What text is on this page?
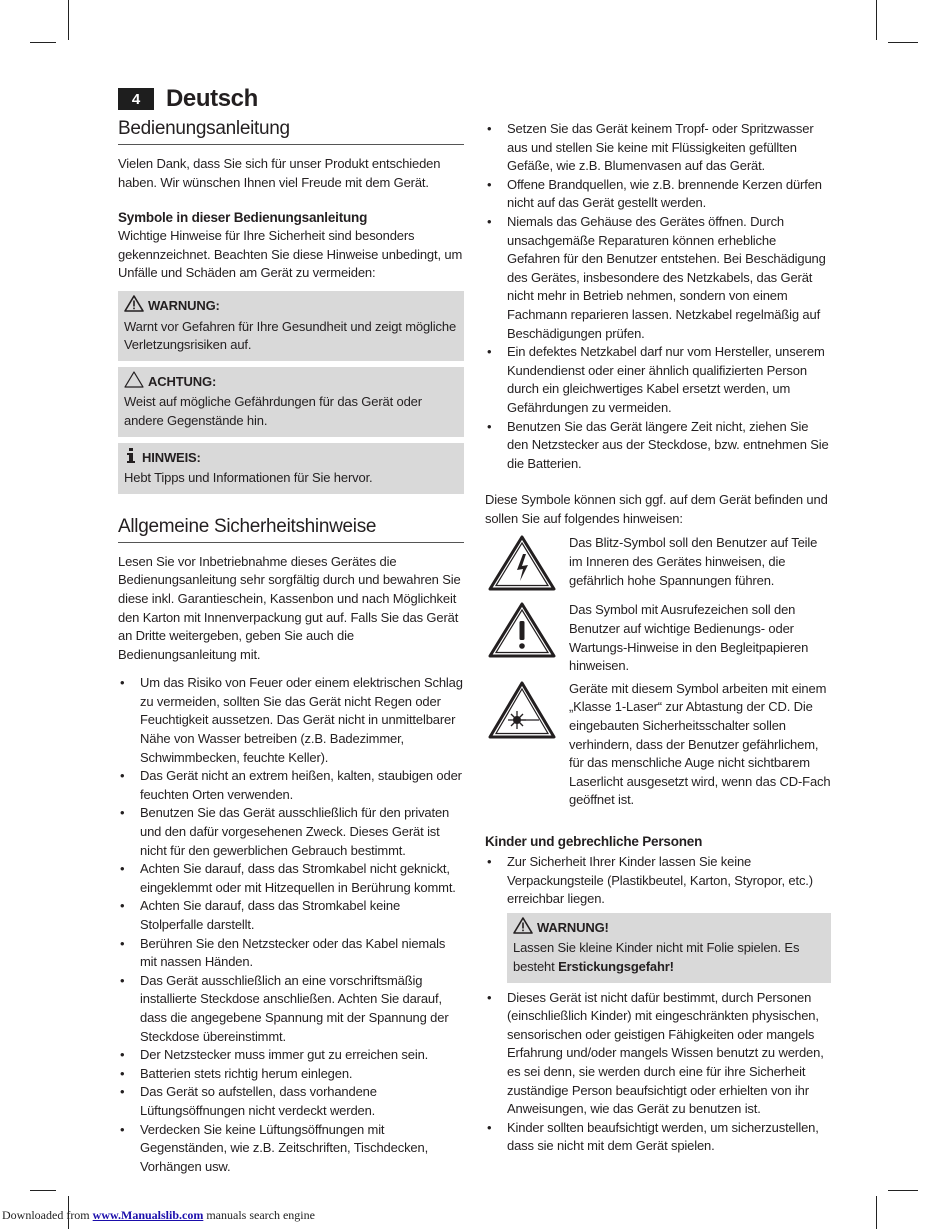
4	Deutsch
Bedienungsanleitung

Vielen Dank, dass Sie sich für unser Produkt entschieden haben. Wir wünschen Ihnen viel Freude mit dem Gerät.

Symbole in dieser Bedienungsanleitung

Wichtige Hinweise für Ihre Sicherheit sind besonders gekennzeichnet. Beachten Sie diese Hinweise unbedingt, um Unfälle und Schäden am Gerät zu vermeiden:

WARNUNG:
Warnt vor Gefahren für Ihre Gesundheit und zeigt mögliche Verletzungsrisiken auf.
ACHTUNG:
Weist auf mögliche Gefährdungen für das Gerät oder andere Gegenstände hin.
HINWEIS:
Hebt Tipps und Informationen für Sie hervor.
Allgemeine Sicherheitshinweise

Lesen Sie vor Inbetriebnahme dieses Gerätes die Bedienungsanleitung sehr sorgfältig durch und bewahren Sie diese inkl. Garantieschein, Kassenbon und nach Möglichkeit den Karton mit Innenverpackung gut auf. Falls Sie das Gerät an Dritte weitergeben, geben Sie auch die Bedienungsanleitung mit.

• Um das Risiko von Feuer oder einem elektrischen Schlag zu vermeiden, sollten Sie das Gerät nicht Regen oder Feuchtigkeit aussetzen. Das Gerät nicht in unmittelbarer Nähe von Wasser betreiben (z.B. Badezimmer, Schwimmbecken, feuchte Keller).
• Das Gerät nicht an extrem heißen, kalten, staubigen oder feuchten Orten verwenden.
• Benutzen Sie das Gerät ausschließlich für den privaten und den dafür vorgesehenen Zweck. Dieses Gerät ist nicht für den gewerblichen Gebrauch bestimmt.
• Achten Sie darauf, dass das Stromkabel nicht geknickt, eingeklemmt oder mit Hitzequellen in Berührung kommt.
• Achten Sie darauf, dass das Stromkabel keine Stolperfalle darstellt.
• Berühren Sie den Netzstecker oder das Kabel niemals mit nassen Händen.
• Das Gerät ausschließlich an eine vorschriftsmäßig installierte Steckdose anschließen. Achten Sie darauf, dass die angegebene Spannung mit der Spannung der Steckdose übereinstimmt.
• Der Netzstecker muss immer gut zu erreichen sein.
• Batterien stets richtig herum einlegen.
• Das Gerät so aufstellen, dass vorhandene Lüftungsöffnungen nicht verdeckt werden.
• Verdecken Sie keine Lüftungsöffnungen mit Gegenständen, wie z.B. Zeitschriften, Tischdecken, Vorhängen usw.
• Setzen Sie das Gerät keinem Tropf- oder Spritzwasser aus und stellen Sie keine mit Flüssigkeiten gefüllten Gefäße, wie z.B. Blumenvasen auf das Gerät.
• Offene Brandquellen, wie z.B. brennende Kerzen dürfen nicht auf das Gerät gestellt werden.
• Niemals das Gehäuse des Gerätes öffnen. Durch unsachgemäße Reparaturen können erhebliche Gefahren für den Benutzer entstehen. Bei Beschädigung des Gerätes, insbesondere des Netzkabels, das Gerät nicht mehr in Betrieb nehmen, sondern von einem Fachmann reparieren lassen. Netzkabel regelmäßig auf Beschädigungen prüfen.
• Ein defektes Netzkabel darf nur vom Hersteller, unserem Kundendienst oder einer ähnlich qualifizierten Person durch ein gleichwertiges Kabel ersetzt werden, um Gefährdungen zu vermeiden.
• Benutzen Sie das Gerät längere Zeit nicht, ziehen Sie den Netzstecker aus der Steckdose, bzw. entnehmen Sie die Batterien.

Diese Symbole können sich ggf. auf dem Gerät befinden und sollen Sie auf folgendes hinweisen:

Das Blitz-Symbol soll den Benutzer auf Teile im Inneren des Gerätes hinweisen, die gefährlich hohe Spannungen führen.

Das Symbol mit Ausrufezeichen soll den Benutzer auf wichtige Bedienungs- oder Wartungs-Hinweise in den Begleitpapieren hinweisen.

Geräte mit diesem Symbol arbeiten mit einem „Klasse 1-Laser“ zur Abtastung der CD. Die eingebauten Sicherheitsschalter sollen verhindern, dass der Benutzer gefährlichem, für das menschliche Auge nicht sichtbarem Laserlicht ausgesetzt wird, wenn das CD-Fach geöffnet ist.

Kinder und gebrechliche Personen
• Zur Sicherheit Ihrer Kinder lassen Sie keine Verpackungsteile (Plastikbeutel, Karton, Styropor, etc.) erreichbar liegen.
WARNUNG!
Lassen Sie kleine Kinder nicht mit Folie spielen. Es besteht Erstickungsgefahr!
• Dieses Gerät ist nicht dafür bestimmt, durch Personen (einschließlich Kinder) mit eingeschränkten physischen, sensorischen oder geistigen Fähigkeiten oder mangels Erfahrung und/oder mangels Wissen benutzt zu werden, es sei denn, sie werden durch eine für ihre Sicherheit zuständige Person beaufsichtigt oder erhielten von ihr Anweisungen, wie das Gerät zu benutzen ist.
• Kinder sollten beaufsichtigt werden, um sicherzustellen, dass sie nicht mit dem Gerät spielen.
Downloaded from www.Manualslib.com manuals search engine
